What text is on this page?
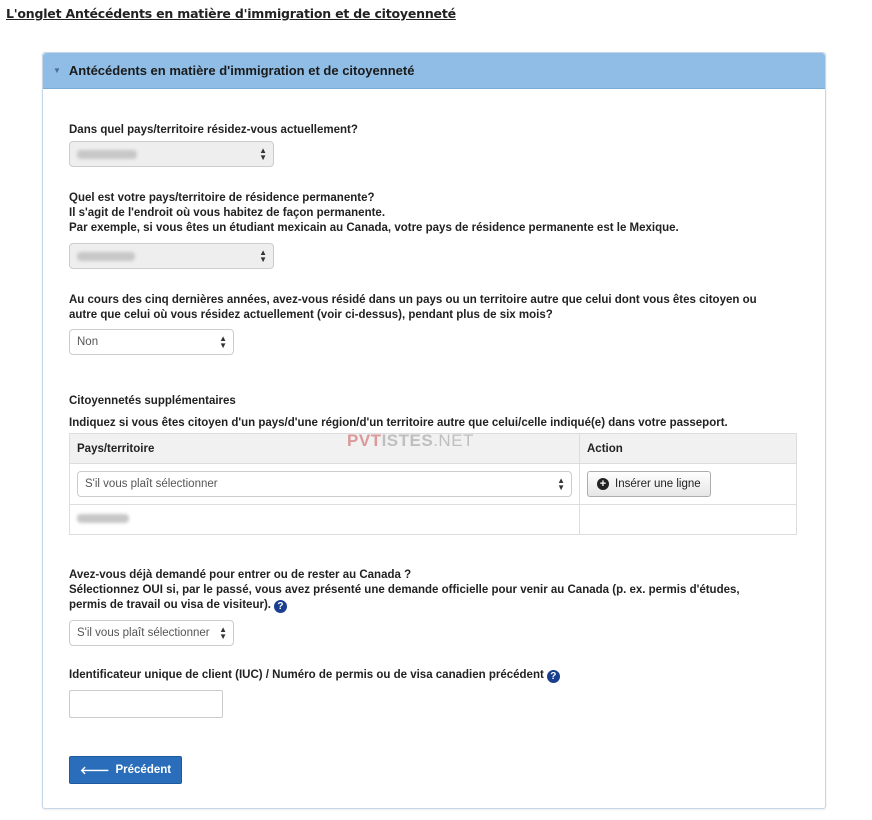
L'onglet Antécédents en matière d'immigration et de citoyenneté
▼ Antécédents en matière d'immigration et de citoyenneté
Dans quel pays/territoire résidez-vous actuellement?
▲
▼
Quel est votre pays/territoire de résidence permanente?
Il s'agit de l'endroit où vous habitez de façon permanente.
Par exemple, si vous êtes un étudiant mexicain au Canada, votre pays de résidence permanente est le Mexique.
▲
▼
Au cours des cinq dernières années, avez-vous résidé dans un pays ou un territoire autre que celui dont vous êtes citoyen ou
autre que celui où vous résidez actuellement (voir ci-dessus), pendant plus de six mois?
Non	▲
▼
Citoyennetés supplémentaires
Indiquez si vous êtes citoyen d'un pays/d'une région/d'un territoire autre que celui/celle indiqué(e) dans votre passeport.
Pays/territoire	Action

S'il vous plaît sélectionner ▲
▼	+ Insérer une ligne

PVTISTES.NET
Avez-vous déjà demandé pour entrer ou de rester au Canada ?
Sélectionnez OUI si, par le passé, vous avez présenté une demande officielle pour venir au Canada (p. ex. permis d'études,
permis de travail ou visa de visiteur). ?
S'il vous plaît sélectionner ▲
▼
Identificateur unique de client (IUC) / Numéro de permis ou de visa canadien précédent ?
🡐 Précédent
